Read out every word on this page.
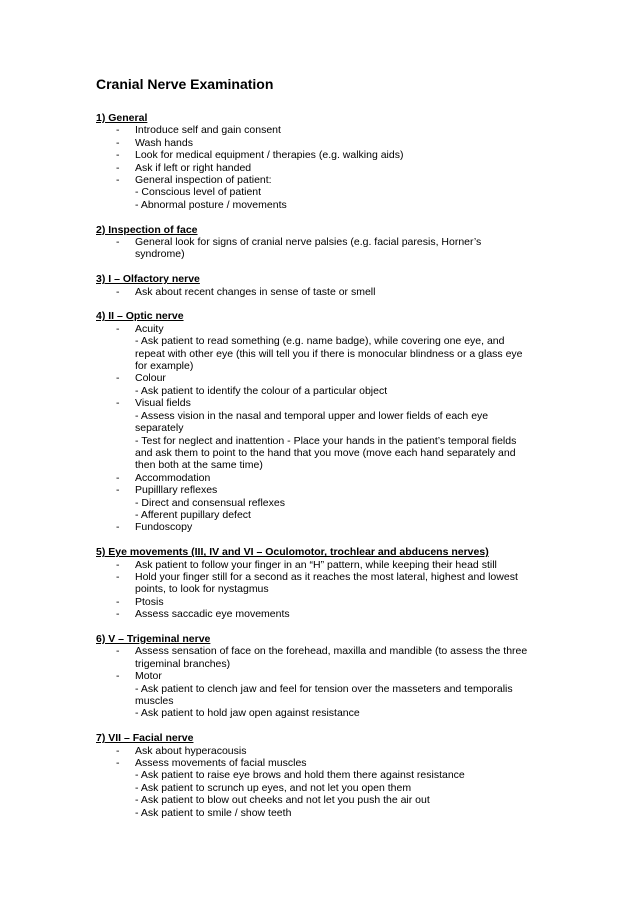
Cranial Nerve Examination
1) General
- Introduce self and gain consent
- Wash hands
- Look for medical equipment / therapies (e.g. walking aids)
- Ask if left or right handed
- General inspection of patient:
- Conscious level of patient
- Abnormal posture / movements
2) Inspection of face
- General look for signs of cranial nerve palsies (e.g. facial paresis, Horner’s
syndrome)
3) I – Olfactory nerve
- Ask about recent changes in sense of taste or smell
4) II – Optic nerve
- Acuity
- Ask patient to read something (e.g. name badge), while covering one eye, and
repeat with other eye (this will tell you if there is monocular blindness or a glass eye
for example)
- Colour
- Ask patient to identify the colour of a particular object
- Visual fields
- Assess vision in the nasal and temporal upper and lower fields of each eye
separately
- Test for neglect and inattention - Place your hands in the patient’s temporal fields
and ask them to point to the hand that you move (move each hand separately and
then both at the same time)
- Accommodation
- Pupilllary reflexes
- Direct and consensual reflexes
- Afferent pupillary defect
- Fundoscopy
5) Eye movements (III, IV and VI – Oculomotor, trochlear and abducens nerves)
- Ask patient to follow your finger in an “H” pattern, while keeping their head still
- Hold your finger still for a second as it reaches the most lateral, highest and lowest
points, to look for nystagmus
- Ptosis
- Assess saccadic eye movements
6) V – Trigeminal nerve
- Assess sensation of face on the forehead, maxilla and mandible (to assess the three
trigeminal branches)
- Motor
- Ask patient to clench jaw and feel for tension over the masseters and temporalis
muscles
- Ask patient to hold jaw open against resistance
7) VII – Facial nerve
- Ask about hyperacousis
- Assess movements of facial muscles
- Ask patient to raise eye brows and hold them there against resistance
- Ask patient to scrunch up eyes, and not let you open them
- Ask patient to blow out cheeks and not let you push the air out
- Ask patient to smile / show teeth
